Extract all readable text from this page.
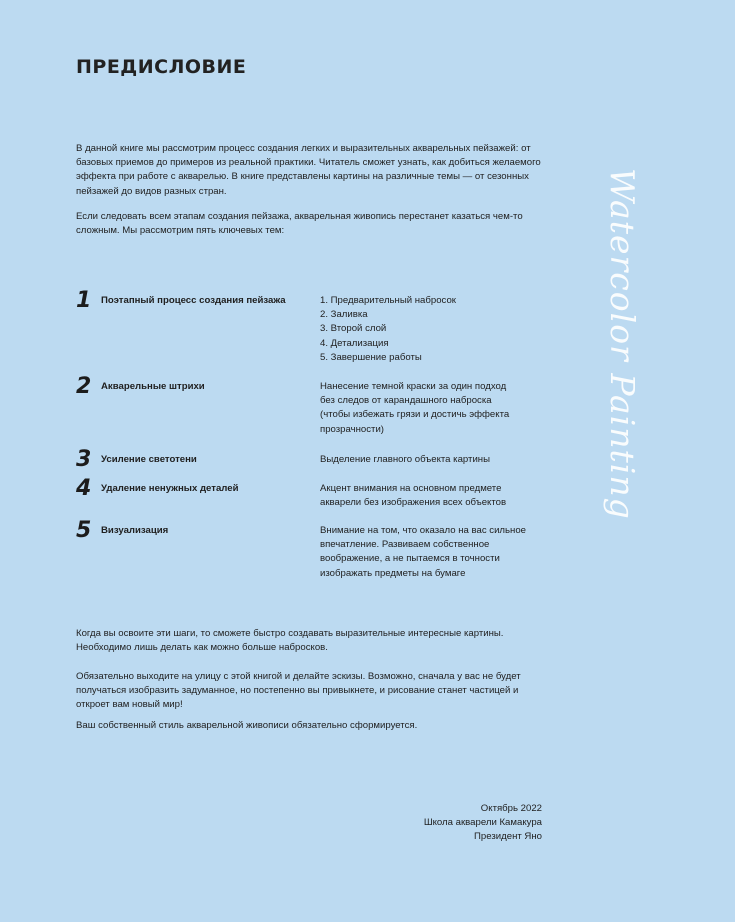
ПРЕДИСЛОВИЕ
Watercolor Painting
В данной книге мы рассмотрим процесс создания легких и выразительных акварельных пейзажей: от базовых приемов до примеров из реальной практики. Читатель сможет узнать, как добиться желаемого эффекта при работе с акварелью. В книге представлены картины на различные темы — от сезонных пейзажей до видов разных стран.
Если следовать всем этапам создания пейзажа, акварельная живопись перестанет казаться чем-то сложным. Мы рассмотрим пять ключевых тем:
1 Поэтапный процесс создания пейзажа	1. Предварительный набросок
2. Заливка
3. Второй слой
4. Детализация
5. Завершение работы
2 Акварельные штрихи	Нанесение темной краски за один подход
без следов от карандашного наброска
(чтобы избежать грязи и достичь эффекта
прозрачности)
3 Усиление светотени	Выделение главного объекта картины
4 Удаление ненужных деталей	Акцент внимания на основном предмете
акварели без изображения всех объектов
5 Визуализация	Внимание на том, что оказало на вас сильное
впечатление. Развиваем собственное
воображение, а не пытаемся в точности
изображать предметы на бумаге
Когда вы освоите эти шаги, то сможете быстро создавать выразительные интересные картины. Необходимо лишь делать как можно больше набросков.
Обязательно выходите на улицу с этой книгой и делайте эскизы. Возможно, сначала у вас не будет получаться изобразить задуманное, но постепенно вы привыкнете, и рисование станет частицей и откроет вам новый мир!
Ваш собственный стиль акварельной живописи обязательно сформируется.
Октябрь 2022
Школа акварели Камакура
Президент Яно
